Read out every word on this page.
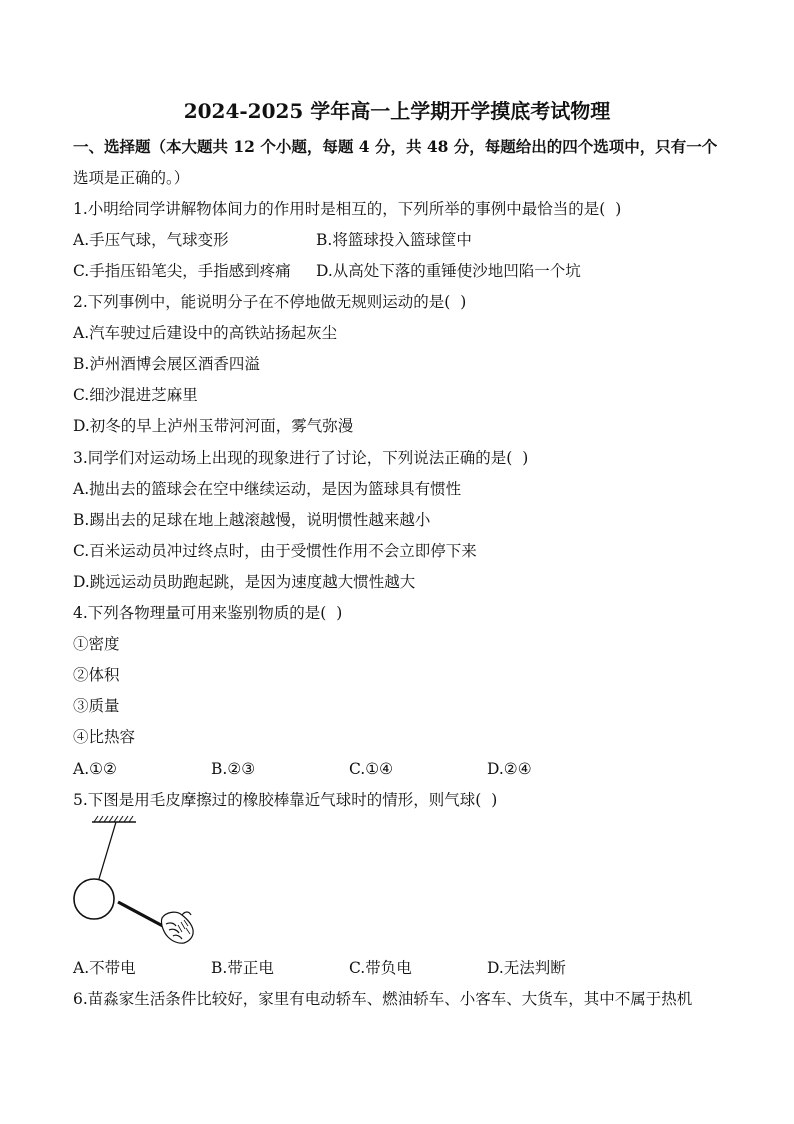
2024-2025 学年高一上学期开学摸底考试物理
一、选择题（本大题共 12 个小题，每题 4 分，共 48 分，每题给出的四个选项中，只有一个
选项是正确的。）
1.小明给同学讲解物体间力的作用时是相互的，下列所举的事例中最恰当的是(  )
A.手压气球，气球变形	B.将篮球投入篮球筐中
C.手指压铅笔尖，手指感到疼痛 D.从高处下落的重锤使沙地凹陷一个坑
2.下列事例中，能说明分子在不停地做无规则运动的是(  )
A.汽车驶过后建设中的高铁站扬起灰尘
B.泸州酒博会展区酒香四溢
C.细沙混进芝麻里
D.初冬的早上泸州玉带河河面，雾气弥漫
3.同学们对运动场上出现的现象进行了讨论，下列说法正确的是(  )
A.抛出去的篮球会在空中继续运动，是因为篮球具有惯性
B.踢出去的足球在地上越滚越慢，说明惯性越来越小
C.百米运动员冲过终点时，由于受惯性作用不会立即停下来
D.跳远运动员助跑起跳，是因为速度越大惯性越大
4.下列各物理量可用来鉴别物质的是(  )
①密度
②体积
③质量
④比热容
A.①②	B.②③	C.①④	D.②④
5.下图是用毛皮摩擦过的橡胶棒靠近气球时的情形，则气球(  )
A.不带电	B.带正电	C.带负电	D.无法判断
6.苗淼家生活条件比较好，家里有电动轿车、燃油轿车、小客车、大货车，其中不属于热机
